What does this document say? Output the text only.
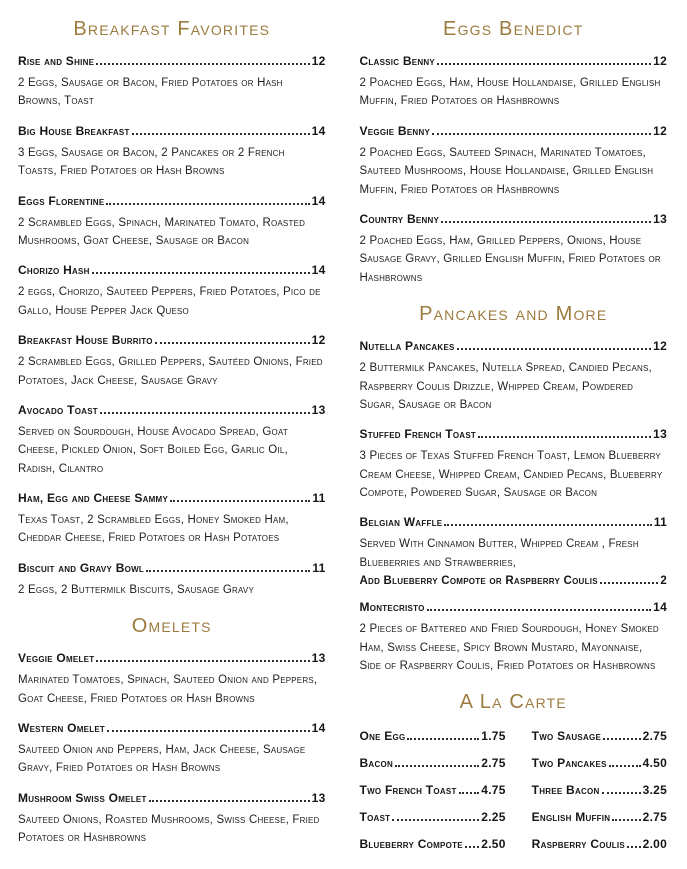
Breakfast Favorites
Rise and Shine	12
2 Eggs, Sausage or Bacon, Fried Potatoes or Hash Browns, Toast
Big House Breakfast	14
3 Eggs, Sausage or Bacon, 2 Pancakes or 2 French Toasts, Fried Potatoes or Hash Browns
Eggs Florentine	14
2 Scrambled Eggs, Spinach, Marinated Tomato, Roasted Mushrooms, Goat Cheese, Sausage or Bacon
Chorizo Hash	14
2 eggs, Chorizo, Sauteed Peppers, Fried Potatoes, Pico de Gallo, House Pepper Jack Queso
Breakfast House Burrito	12
2 Scrambled Eggs, Grilled Peppers, Sautéed Onions, Fried Potatoes, Jack Cheese, Sausage Gravy
Avocado Toast	13
Served on Sourdough, House Avocado Spread, Goat Cheese, Pickled Onion, Soft Boiled Egg, Garlic Oil, Radish, Cilantro
Ham, Egg and Cheese Sammy	11
Texas Toast, 2 Scrambled Eggs, Honey Smoked Ham, Cheddar Cheese, Fried Potatoes or Hash Potatoes
Biscuit and Gravy Bowl	11
2 Eggs, 2 Buttermilk Biscuits, Sausage Gravy
Omelets
Veggie Omelet	13
Marinated Tomatoes, Spinach, Sauteed Onion and Peppers, Goat Cheese, Fried Potatoes or Hash Browns
Western Omelet	14
Sauteed Onion and Peppers, Ham, Jack Cheese, Sausage Gravy, Fried Potatoes or Hash Browns
Mushroom Swiss Omelet	13
Sauteed Onions, Roasted Mushrooms, Swiss Cheese, Fried Potatoes or Hashbrowns
Eggs Benedict
Classic Benny	12
2 Poached Eggs, Ham, House Hollandaise, Grilled English Muffin, Fried Potatoes or Hashbrowns
Veggie Benny	12
2 Poached Eggs, Sauteed Spinach, Marinated Tomatoes, Sauteed Mushrooms, House Hollandaise, Grilled English Muffin, Fried Potatoes or Hashbrowns
Country Benny	13
2 Poached Eggs, Ham, Grilled Peppers, Onions, House Sausage Gravy, Grilled English Muffin, Fried Potatoes or Hashbrowns
Pancakes and More
Nutella Pancakes	12
2 Buttermilk Pancakes, Nutella Spread, Candied Pecans, Raspberry Coulis Drizzle, Whipped Cream, Powdered Sugar, Sausage or Bacon
Stuffed French Toast	13
3 Pieces of Texas Stuffed French Toast, Lemon Blueberry Cream Cheese, Whipped Cream, Candied Pecans, Blueberry Compote, Powdered Sugar, Sausage or Bacon
Belgian Waffle	11
Served With Cinnamon Butter, Whipped Cream , Fresh Blueberries and Strawberries,
Add Blueberry Compote or Raspberry Coulis	2
Montecristo	14
2 Pieces of Battered and Fried Sourdough, Honey Smoked Ham, Swiss Cheese, Spicy Brown Mustard, Mayonnaise, Side of Raspberry Coulis, Fried Potatoes or Hashbrowns
A La Carte
One Egg	1.75
Bacon	2.75
Two French Toast 4.75
Toast	2.25
Blueberry Compote 2.50
Two Sausage	2.75
Two Pancakes	4.50
Three Bacon	3.25
English Muffin	2.75
Raspberry Coulis 2.00
